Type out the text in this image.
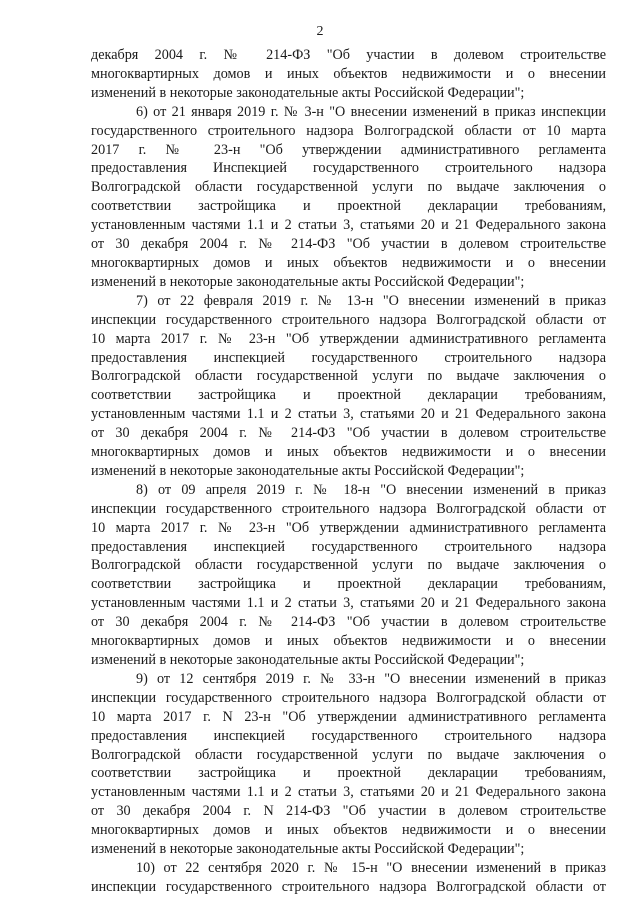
2

декабря 2004 г. № 214-ФЗ "Об участии в долевом строительстве
многоквартирных домов и иных объектов недвижимости и о внесении
изменений в некоторые законодательные акты Российской Федерации";

6) от 21 января 2019 г. № 3-н "О внесении изменений в приказ инспекции
государственного строительного надзора Волгоградской области от 10 марта
2017 г. № 23-н "Об утверждении административного регламента
предоставления Инспекцией государственного строительного надзора
Волгоградской области государственной услуги по выдаче заключения о
соответствии застройщика и проектной декларации требованиям,
установленным частями 1.1 и 2 статьи 3, статьями 20 и 21 Федерального закона
от 30 декабря 2004 г. № 214-ФЗ "Об участии в долевом строительстве
многоквартирных домов и иных объектов недвижимости и о внесении
изменений в некоторые законодательные акты Российской Федерации";

7) от 22 февраля 2019 г. № 13-н "О внесении изменений в приказ
инспекции государственного строительного надзора Волгоградской области от
10 марта 2017 г. № 23-н "Об утверждении административного регламента
предоставления инспекцией государственного строительного надзора
Волгоградской области государственной услуги по выдаче заключения о
соответствии застройщика и проектной декларации требованиям,
установленным частями 1.1 и 2 статьи 3, статьями 20 и 21 Федерального закона
от 30 декабря 2004 г. № 214-ФЗ "Об участии в долевом строительстве
многоквартирных домов и иных объектов недвижимости и о внесении
изменений в некоторые законодательные акты Российской Федерации";

8) от 09 апреля 2019 г. № 18-н "О внесении изменений в приказ
инспекции государственного строительного надзора Волгоградской области от
10 марта 2017 г. № 23-н "Об утверждении административного регламента
предоставления инспекцией государственного строительного надзора
Волгоградской области государственной услуги по выдаче заключения о
соответствии застройщика и проектной декларации требованиям,
установленным частями 1.1 и 2 статьи 3, статьями 20 и 21 Федерального закона
от 30 декабря 2004 г. № 214-ФЗ "Об участии в долевом строительстве
многоквартирных домов и иных объектов недвижимости и о внесении
изменений в некоторые законодательные акты Российской Федерации";

9) от 12 сентября 2019 г. № 33-н "О внесении изменений в приказ
инспекции государственного строительного надзора Волгоградской области от
10 марта 2017 г. N 23-н "Об утверждении административного регламента
предоставления инспекцией государственного строительного надзора
Волгоградской области государственной услуги по выдаче заключения о
соответствии застройщика и проектной декларации требованиям,
установленным частями 1.1 и 2 статьи 3, статьями 20 и 21 Федерального закона
от 30 декабря 2004 г. N 214-ФЗ "Об участии в долевом строительстве
многоквартирных домов и иных объектов недвижимости и о внесении
изменений в некоторые законодательные акты Российской Федерации";

10) от 22 сентября 2020 г. № 15-н "О внесении изменений в приказ
инспекции государственного строительного надзора Волгоградской области от
